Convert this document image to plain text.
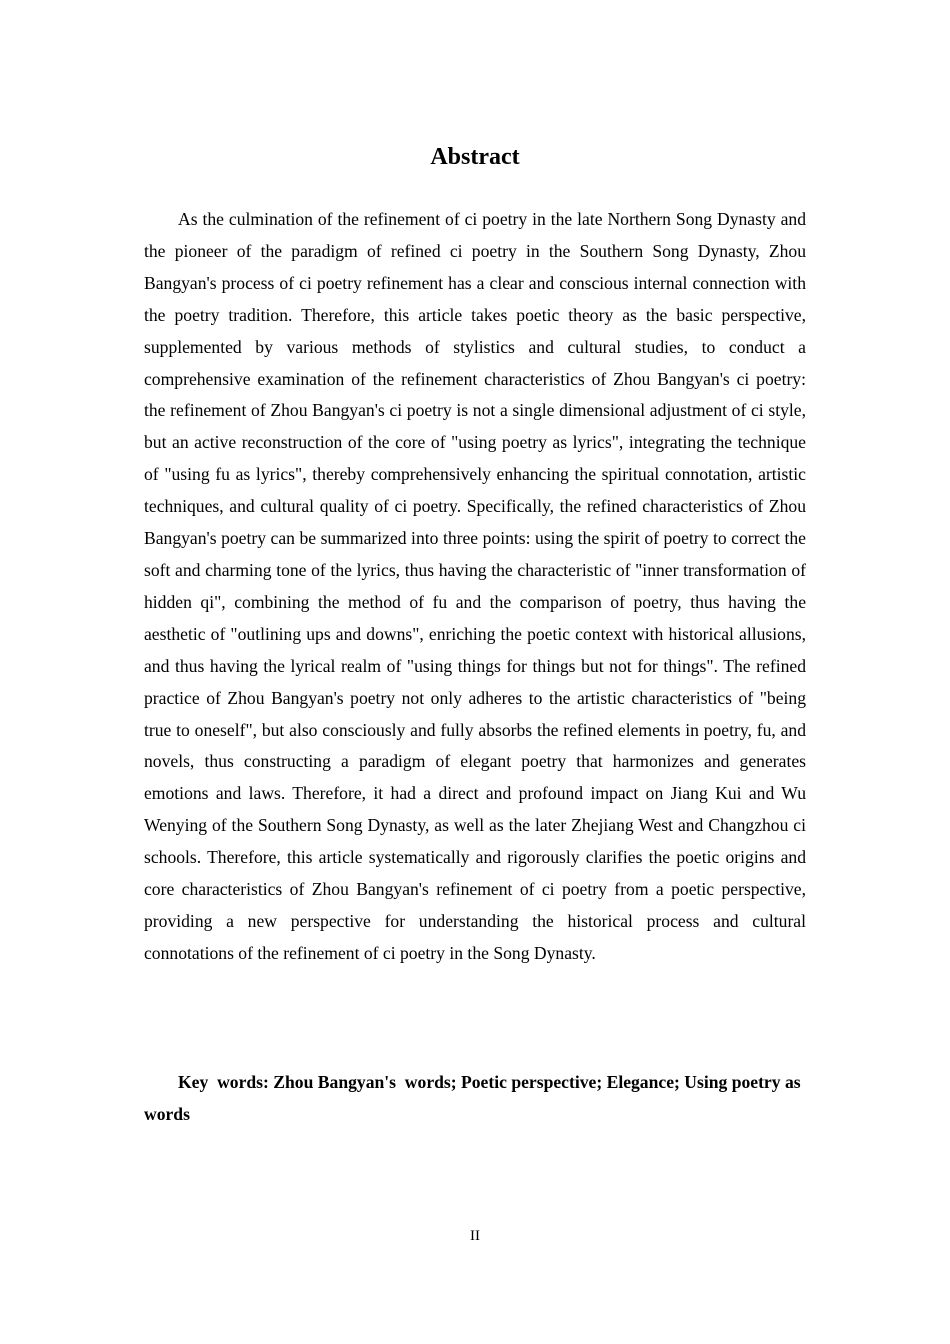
Abstract

As the culmination of the refinement of ci poetry in the late Northern Song Dynasty and the pioneer of the paradigm of refined ci poetry in the Southern Song Dynasty, Zhou Bangyan's process of ci poetry refinement has a clear and conscious internal connection with the poetry tradition. Therefore, this article takes poetic theory as the basic perspective, supplemented by various methods of stylistics and cultural studies, to conduct a comprehensive examination of the refinement characteristics of Zhou Bangyan's ci poetry: the refinement of Zhou Bangyan's ci poetry is not a single dimensional adjustment of ci style, but an active reconstruction of the core of "using poetry as lyrics", integrating the technique of "using fu as lyrics", thereby comprehensively enhancing the spiritual connotation, artistic techniques, and cultural quality of ci poetry. Specifically, the refined characteristics of Zhou Bangyan's poetry can be summarized into three points: using the spirit of poetry to correct the soft and charming tone of the lyrics, thus having the characteristic of "inner transformation of hidden qi", combining the method of fu and the comparison of poetry, thus having the aesthetic of "outlining ups and downs", enriching the poetic context with historical allusions, and thus having the lyrical realm of "using things for things but not for things". The refined practice of Zhou Bangyan's poetry not only adheres to the artistic characteristics of "being true to oneself", but also consciously and fully absorbs the refined elements in poetry, fu, and novels, thus constructing a paradigm of elegant poetry that harmonizes and generates emotions and laws. Therefore, it had a direct and profound impact on Jiang Kui and Wu Wenying of the Southern Song Dynasty, as well as the later Zhejiang West and Changzhou ci schools. Therefore, this article systematically and rigorously clarifies the poetic origins and core characteristics of Zhou Bangyan's refinement of ci poetry from a poetic perspective, providing a new perspective for understanding the historical process and cultural connotations of the refinement of ci poetry in the Song Dynasty.

Key  words: Zhou Bangyan's  words; Poetic perspective; Elegance; Using poetry as words

II
